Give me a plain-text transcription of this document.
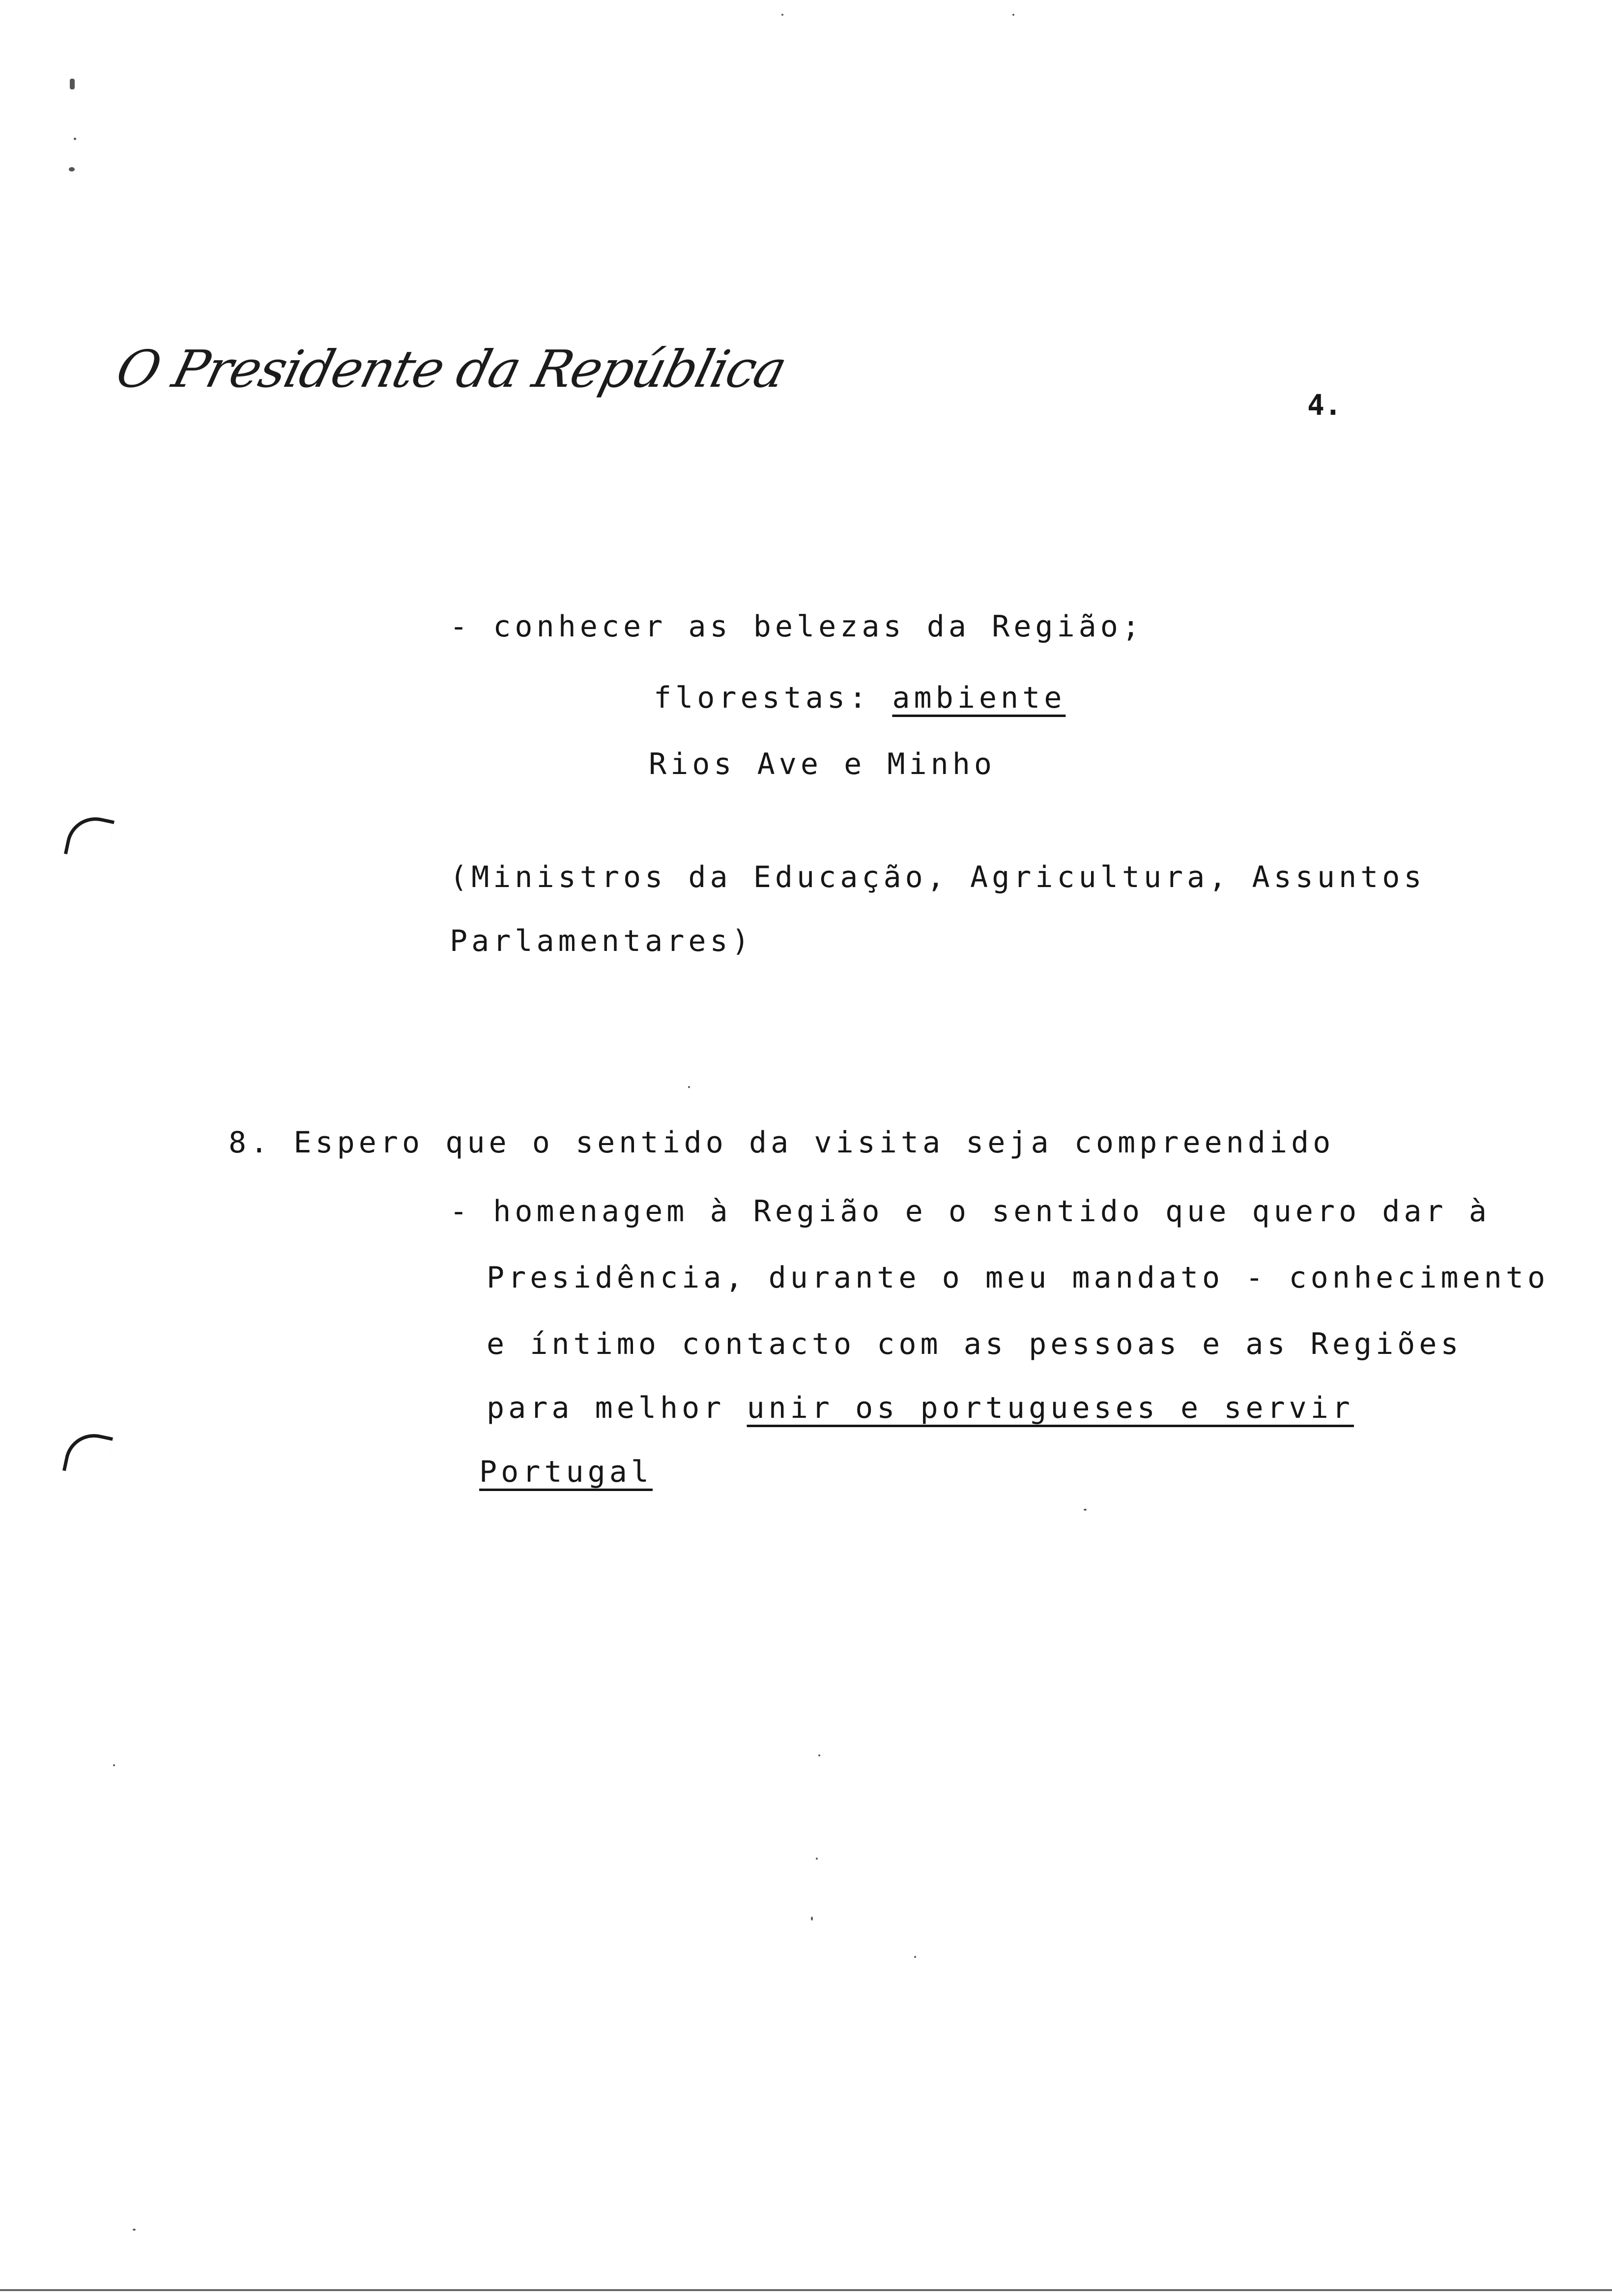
O Presidente da República
4.
- conhecer as belezas da Região;
florestas: ambiente
Rios Ave e Minho
(Ministros da Educação, Agricultura, Assuntos
Parlamentares)
8. Espero que o sentido da visita seja compreendido
- homenagem à Região e o sentido que quero dar à
Presidência, durante o meu mandato - conhecimento
e íntimo contacto com as pessoas e as Regiões
para melhor unir os portugueses e servir
Portugal
